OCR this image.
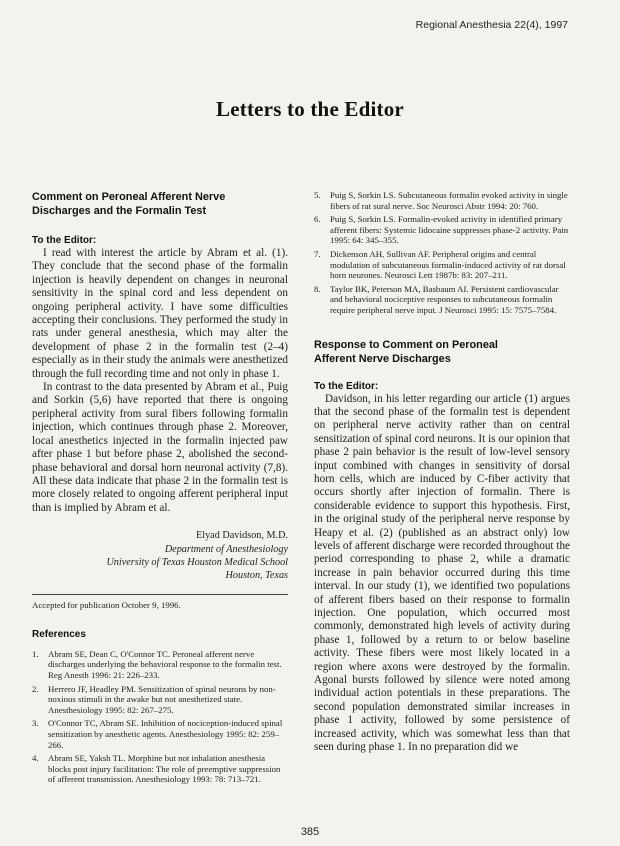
Regional Anesthesia 22(4), 1997
Letters to the Editor

Comment on Peroneal Afferent Nerve

Discharges and the Formalin Test

To the Editor:

I read with interest the article by Abram et al. (1). They conclude that the second phase of the formalin injection is heavily dependent on changes in neuronal sensitivity in the spinal cord and less dependent on ongoing peripheral activity. I have some difficulties accepting their conclusions. They performed the study in rats under general anesthesia, which may alter the development of phase 2 in the formalin test (2–4) especially as in their study the animals were anesthetized through the full recording time and not only in phase 1.

In contrast to the data presented by Abram et al., Puig and Sorkin (5,6) have reported that there is ongoing peripheral activity from sural fibers following formalin injection, which continues through phase 2. Moreover, local anesthetics injected in the formalin injected paw after phase 1 but before phase 2, abolished the second-phase behavioral and dorsal horn neuronal activity (7,8). All these data indicate that phase 2 in the formalin test is more closely related to ongoing afferent peripheral input than is implied by Abram et al.

Elyad Davidson, M.D.
Department of Anesthesiology
University of Texas Houston Medical School
Houston, Texas
Accepted for publication October 9, 1996.

References

1. Abram SE, Dean C, O'Connor TC. Peroneal afferent nerve discharges underlying the behavioral response to the formalin test. Reg Anesth 1996: 21: 226–233.

2. Herrero JF, Headley PM. Sensitization of spinal neurons by non-noxious stimuli in the awake but not anesthetized state. Anesthesiology 1995: 82: 267–275.

3. O'Connor TC, Abram SE. Inhibition of nociception-induced spinal sensitization by anesthetic agents. Anesthesiology 1995: 82: 259–266.

4. Abram SE, Yaksh TL. Morphine but not inhalation anesthesia blocks post injury facilitation: The role of preemptive suppression of afferent transmission. Anesthesiology 1993: 78: 713–721.

5. Puig S, Sorkin LS. Subcutaneous formalin evoked activity in single fibers of rat sural nerve. Soc Neurosci Abstr 1994: 20: 760.

6. Puig S, Sorkin LS. Formalin-evoked activity in identified primary afferent fibers: Systemic lidocaine suppresses phase-2 activity. Pain 1995: 64: 345–355.

7. Dickenson AH, Sullivan AF. Peripheral origins and central modulation of subcutaneous formalin-induced activity of rat dorsal horn neurones. Neurosci Lett 1987b: 83: 207–211.

8. Taylor BK, Peterson MA, Basbaum AI. Persistent cardiovascular and behavioral nociceptive responses to subcutaneous formalin require peripheral nerve input. J Neurosci 1995: 15: 7575–7584.

Response to Comment on Peroneal

Afferent Nerve Discharges

To the Editor:

Davidson, in his letter regarding our article (1) argues that the second phase of the formalin test is dependent on peripheral nerve activity rather than on central sensitization of spinal cord neurons. It is our opinion that phase 2 pain behavior is the result of low-level sensory input combined with changes in sensitivity of dorsal horn cells, which are induced by C-fiber activity that occurs shortly after injection of formalin. There is considerable evidence to support this hypothesis. First, in the original study of the peripheral nerve response by Heapy et al. (2) (published as an abstract only) low levels of afferent discharge were recorded throughout the period corresponding to phase 2, while a dramatic increase in pain behavior occurred during this time interval. In our study (1), we identified two populations of afferent fibers based on their response to formalin injection. One population, which occurred most commonly, demonstrated high levels of activity during phase 1, followed by a return to or below baseline activity. These fibers were most likely located in a region where axons were destroyed by the formalin. Agonal bursts followed by silence were noted among individual action potentials in these preparations. The second population demonstrated similar increases in phase 1 activity, followed by some persistence of increased activity, which was somewhat less than that seen during phase 1. In no preparation did we

385
